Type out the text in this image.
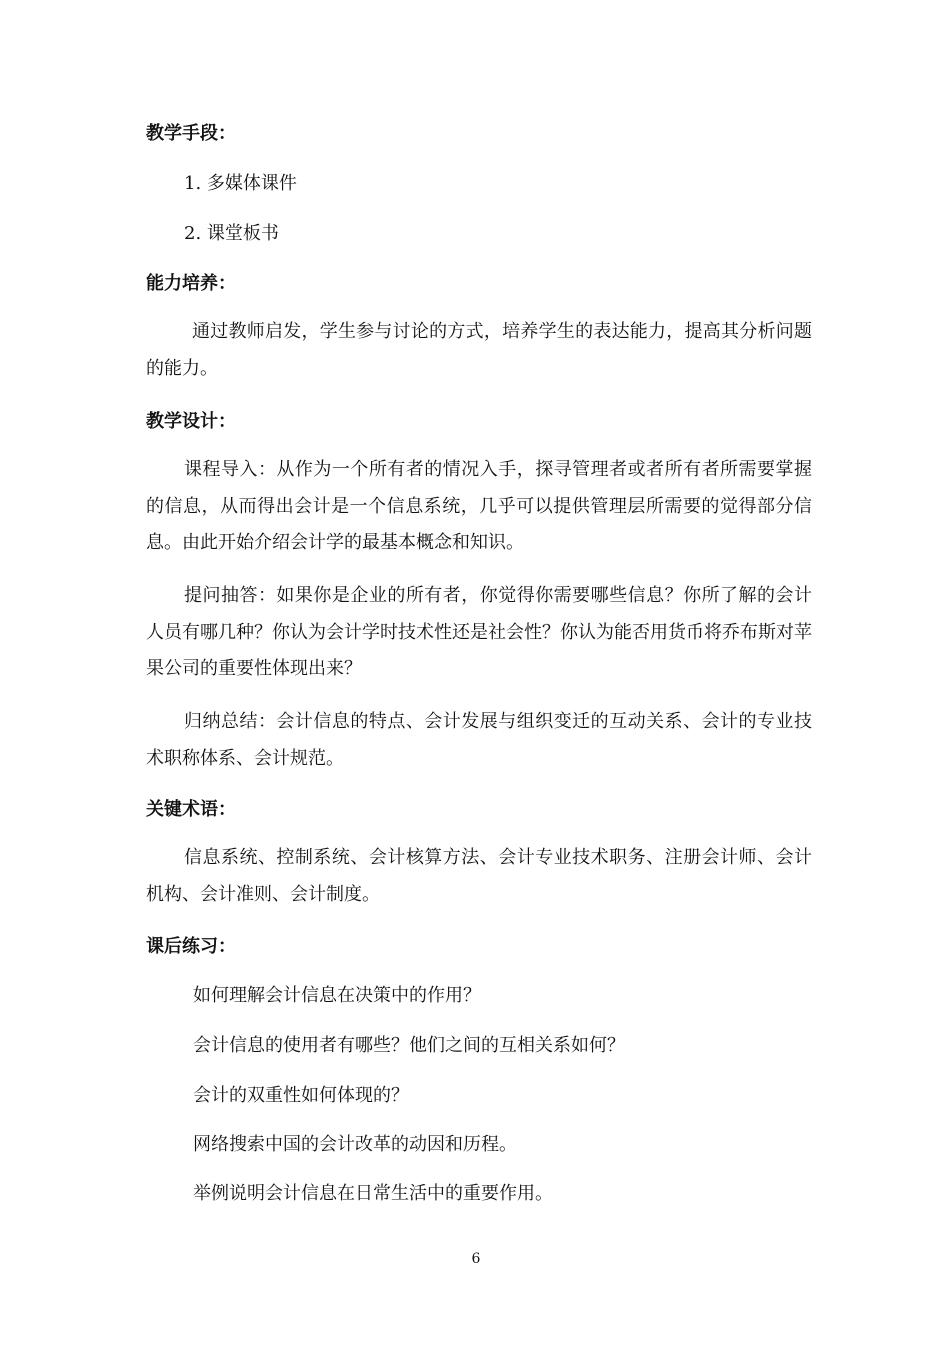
教学手段：
1. 多媒体课件
2. 课堂板书
能力培养：

通过教师启发，学生参与讨论的方式，培养学生的表达能力，提高其分析问题的能力。

教学设计：

课程导入：从作为一个所有者的情况入手，探寻管理者或者所有者所需要掌握的信息，从而得出会计是一个信息系统，几乎可以提供管理层所需要的觉得部分信息。由此开始介绍会计学的最基本概念和知识。

提问抽答：如果你是企业的所有者，你觉得你需要哪些信息？你所了解的会计人员有哪几种？你认为会计学时技术性还是社会性？你认为能否用货币将乔布斯对苹果公司的重要性体现出来？

归纳总结：会计信息的特点、会计发展与组织变迁的互动关系、会计的专业技术职称体系、会计规范。

关键术语：

信息系统、控制系统、会计核算方法、会计专业技术职务、注册会计师、会计机构、会计准则、会计制度。

课后练习：
如何理解会计信息在决策中的作用？
会计信息的使用者有哪些？他们之间的互相关系如何？
会计的双重性如何体现的？
网络搜索中国的会计改革的动因和历程。
举例说明会计信息在日常生活中的重要作用。
6
